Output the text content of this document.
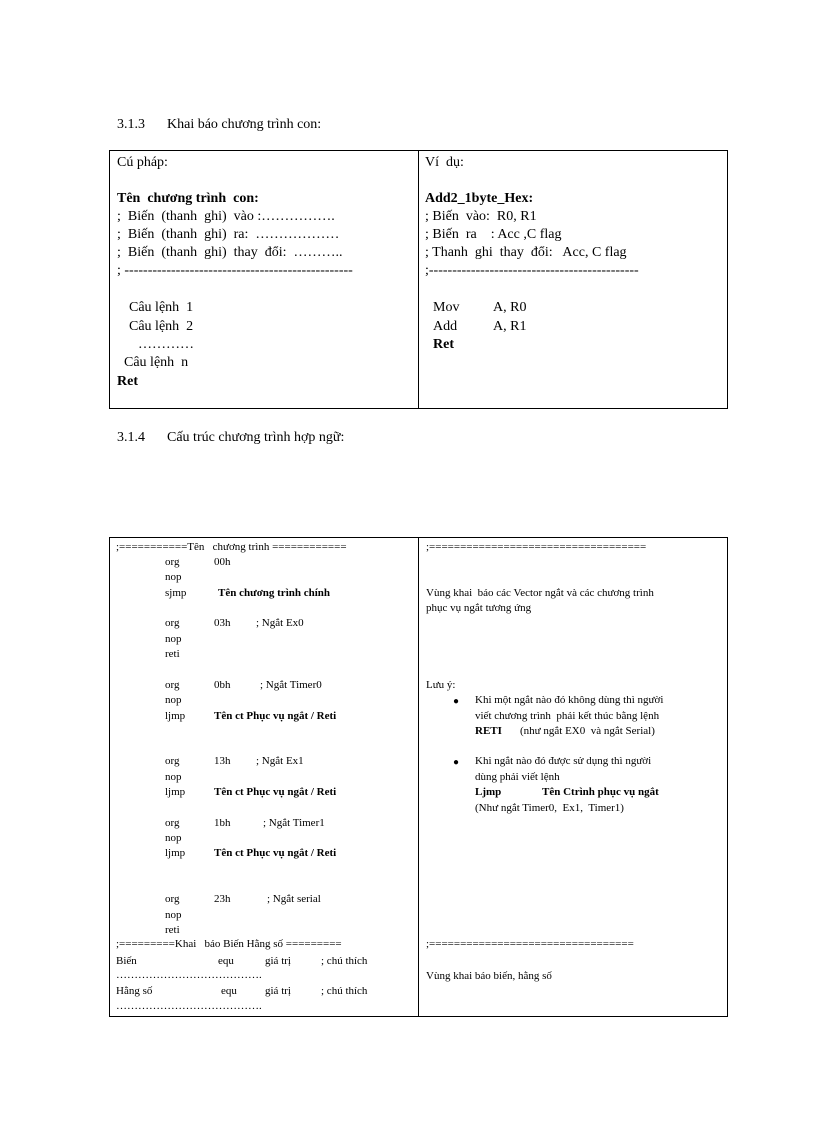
3.1.3 Khai báo chương trình con:
Cú pháp:
Tên  chương trình  con:
;  Biến  (thanh  ghi)  vào :…………….
;  Biến  (thanh  ghi)  ra:  ………………
;  Biến  (thanh  ghi)  thay  đổi:  ………..
; -------------------------------------------------
Câu lệnh  1
Câu lệnh  2
…………
Câu lệnh  n
Ret
Ví  dụ:
Add2_1byte_Hex:
; Biến  vào:  R0, R1
; Biến  ra    : Acc ,C flag
; Thanh  ghi  thay  đổi:   Acc, C flag
;---------------------------------------------
Mov A, R0
Add	A, R1
Ret
3.1.4 Cấu trúc chương trình hợp ngữ:
;===========Tên   chương trình ============
org	00h
nop
sjmp	Tên chương trình chính
org	03h ; Ngắt Ex0
nop
reti
org	0bh	; Ngắt Timer0
nop
ljmp	Tên ct Phục vụ ngắt / Reti
org	13h ; Ngắt Ex1
nop
ljmp	Tên ct Phục vụ ngắt / Reti
org	1bh	; Ngắt Timer1
nop
ljmp	Tên ct Phục vụ ngắt / Reti
org	23h	; Ngắt serial
nop
reti
;=========Khai   báo Biến Hằng số =========
Biến	equ	giá trị	; chú thích
………………………………….
Hằng số	equ	giá trị	; chú thích
………………………………….
;===================================
Vùng khai  báo các Vector ngắt và các chương trình
phục vụ ngắt tương ứng
Lưu ý:
● Khi một ngắt nào đó không dùng thì người
viết chương trình  phải kết thúc bằng lệnh
RETI (như ngắt EX0  và ngắt Serial)
● Khi ngắt nào đó được sử dụng thì người
dùng phải viết lệnh
Ljmp	Tên Ctrình phục vụ ngắt
(Như ngắt Timer0,  Ex1,  Timer1)
;=================================
Vùng khai báo biến, hằng số
